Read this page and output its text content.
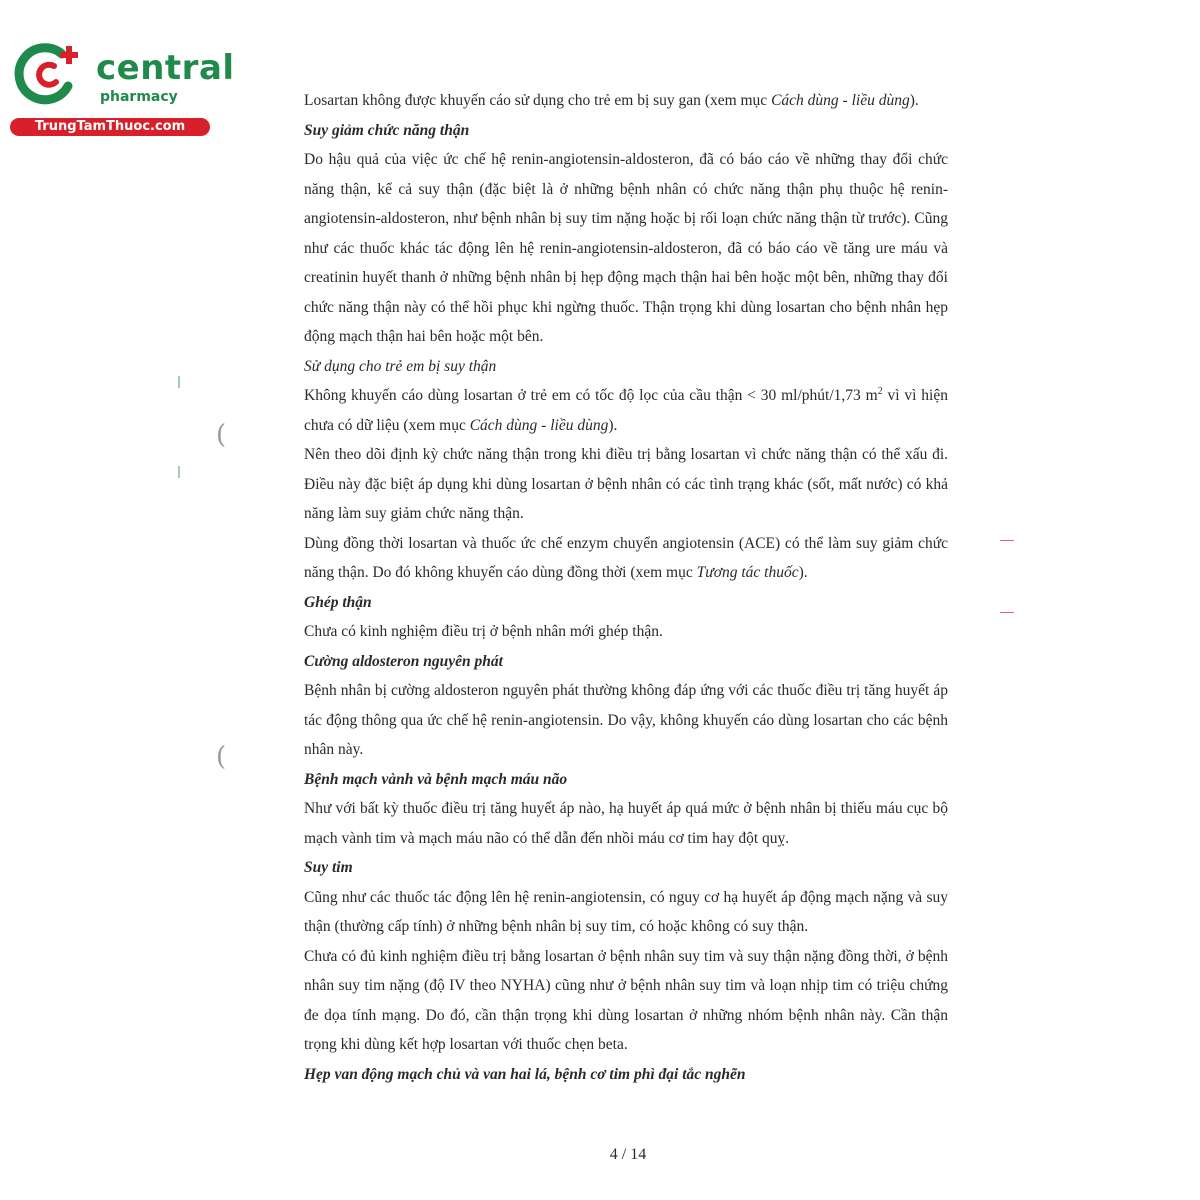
central
pharmacy
TrungTamThuoc.com
(
(

Losartan không được khuyến cáo sử dụng cho trẻ em bị suy gan (xem mục Cách dùng - liều dùng).

Suy giảm chức năng thận

Do hậu quả của việc ức chế hệ renin-angiotensin-aldosteron, đã có báo cáo về những thay đổi chức năng thận, kể cả suy thận (đặc biệt là ở những bệnh nhân có chức năng thận phụ thuộc hệ renin-angiotensin-aldosteron, như bệnh nhân bị suy tim nặng hoặc bị rối loạn chức năng thận từ trước). Cũng như các thuốc khác tác động lên hệ renin-angiotensin-aldosteron, đã có báo cáo về tăng ure máu và creatinin huyết thanh ở những bệnh nhân bị hẹp động mạch thận hai bên hoặc một bên, những thay đổi chức năng thận này có thể hồi phục khi ngừng thuốc. Thận trọng khi dùng losartan cho bệnh nhân hẹp động mạch thận hai bên hoặc một bên.

Sử dụng cho trẻ em bị suy thận

Không khuyến cáo dùng losartan ở trẻ em có tốc độ lọc của cầu thận < 30 ml/phút/1,73 $m^2$ vì vì hiện chưa có dữ liệu (xem mục Cách dùng - liều dùng).

Nên theo dõi định kỳ chức năng thận trong khi điều trị bằng losartan vì chức năng thận có thể xấu đi. Điều này đặc biệt áp dụng khi dùng losartan ở bệnh nhân có các tình trạng khác (sốt, mất nước) có khả năng làm suy giảm chức năng thận.

Dùng đồng thời losartan và thuốc ức chế enzym chuyển angiotensin (ACE) có thể làm suy giảm chức năng thận. Do đó không khuyến cáo dùng đồng thời (xem mục Tương tác thuốc).

Ghép thận

Chưa có kinh nghiệm điều trị ở bệnh nhân mới ghép thận.

Cường aldosteron nguyên phát

Bệnh nhân bị cường aldosteron nguyên phát thường không đáp ứng với các thuốc điều trị tăng huyết áp tác động thông qua ức chế hệ renin-angiotensin. Do vậy, không khuyến cáo dùng losartan cho các bệnh nhân này.

Bệnh mạch vành và bệnh mạch máu não

Như với bất kỳ thuốc điều trị tăng huyết áp nào, hạ huyết áp quá mức ở bệnh nhân bị thiếu máu cục bộ mạch vành tim và mạch máu não có thể dẫn đến nhồi máu cơ tim hay đột quỵ.

Suy tim

Cũng như các thuốc tác động lên hệ renin-angiotensin, có nguy cơ hạ huyết áp động mạch nặng và suy thận (thường cấp tính) ở những bệnh nhân bị suy tim, có hoặc không có suy thận.

Chưa có đủ kinh nghiệm điều trị bằng losartan ở bệnh nhân suy tim và suy thận nặng đồng thời, ở bệnh nhân suy tim nặng (độ IV theo NYHA) cũng như ở bệnh nhân suy tim và loạn nhịp tim có triệu chứng đe dọa tính mạng. Do đó, cần thận trọng khi dùng losartan ở những nhóm bệnh nhân này. Cần thận trọng khi dùng kết hợp losartan với thuốc chẹn beta.

Hẹp van động mạch chủ và van hai lá, bệnh cơ tim phì đại tắc nghẽn

4 / 14
